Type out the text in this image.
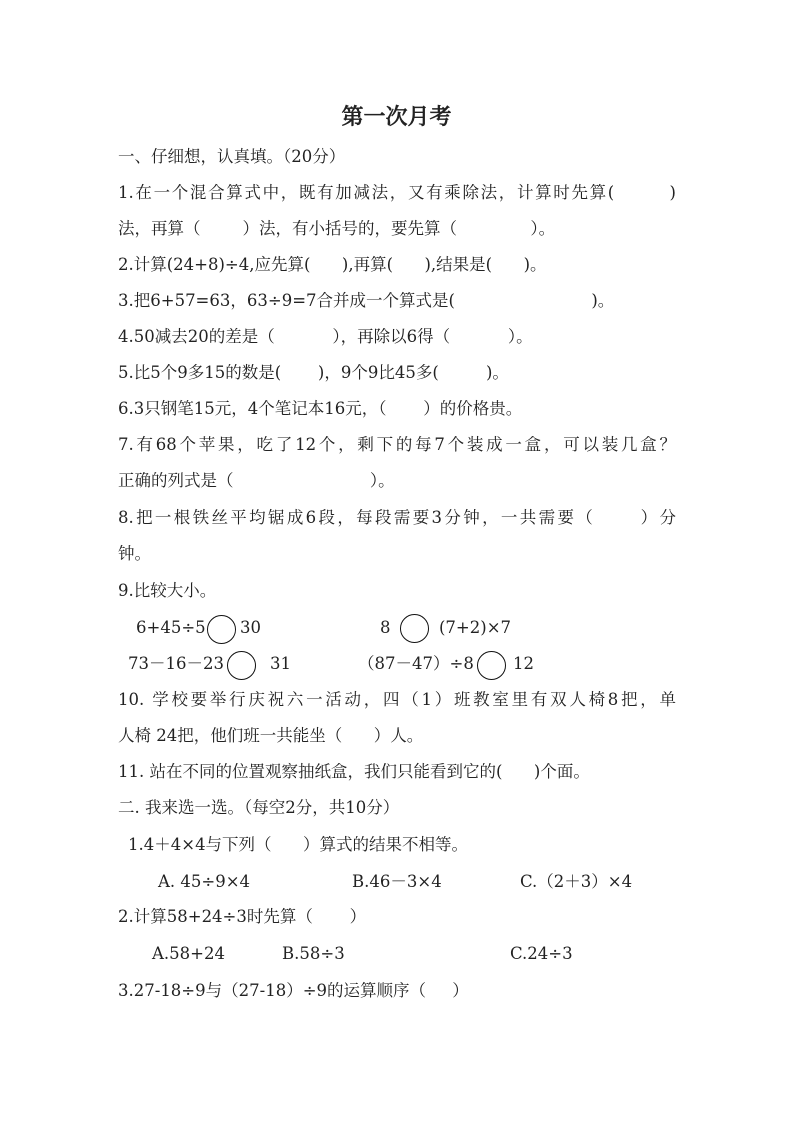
第一次月考
一、仔细想，认真填。（20分）
1.在一个混合算式中，既有加减法，又有乘除法，计算时先算(        )
法，再算（        ）法，有小括号的，要先算（              ）。
2.计算(24+8)÷4,应先算(      ),再算(      ),结果是(      )。
3.把6+57=63，63÷9=7合并成一个算式是(                          )。
4.50减去20的差是（           ），再除以6得（           ）。
5.比5个9多15的数是(       )，9个9比45多(         )。
6.3只钢笔15元，4个笔记本16元，（       ）的价格贵。
7.有68个苹果，吃了12个，剩下的每7个装成一盒，可以装几盒？
正确的列式是（                          ）。
8.把一根铁丝平均锯成6段，每段需要3分钟，一共需要（      ）分
钟。
9.比较大小。
6+45÷5 30	8	(7+2)×7
73－16－23	31	（87－47）÷8 12
10. 学校要举行庆祝六一活动，四（1）班教室里有双人椅8把，单
人椅 24把，他们班一共能坐（      ）人。
11. 站在不同的位置观察抽纸盒，我们只能看到它的(      )个面。
二. 我来选一选。（每空2分，共10分）
1.4＋4×4与下列（      ）算式的结果不相等。
A. 45÷9×4	B.46－3×4	C.（2＋3）×4
2.计算58+24÷3时先算（       ）
A.58+24	B.58÷3	C.24÷3
3.27-18÷9与（27-18）÷9的运算顺序（     ）
